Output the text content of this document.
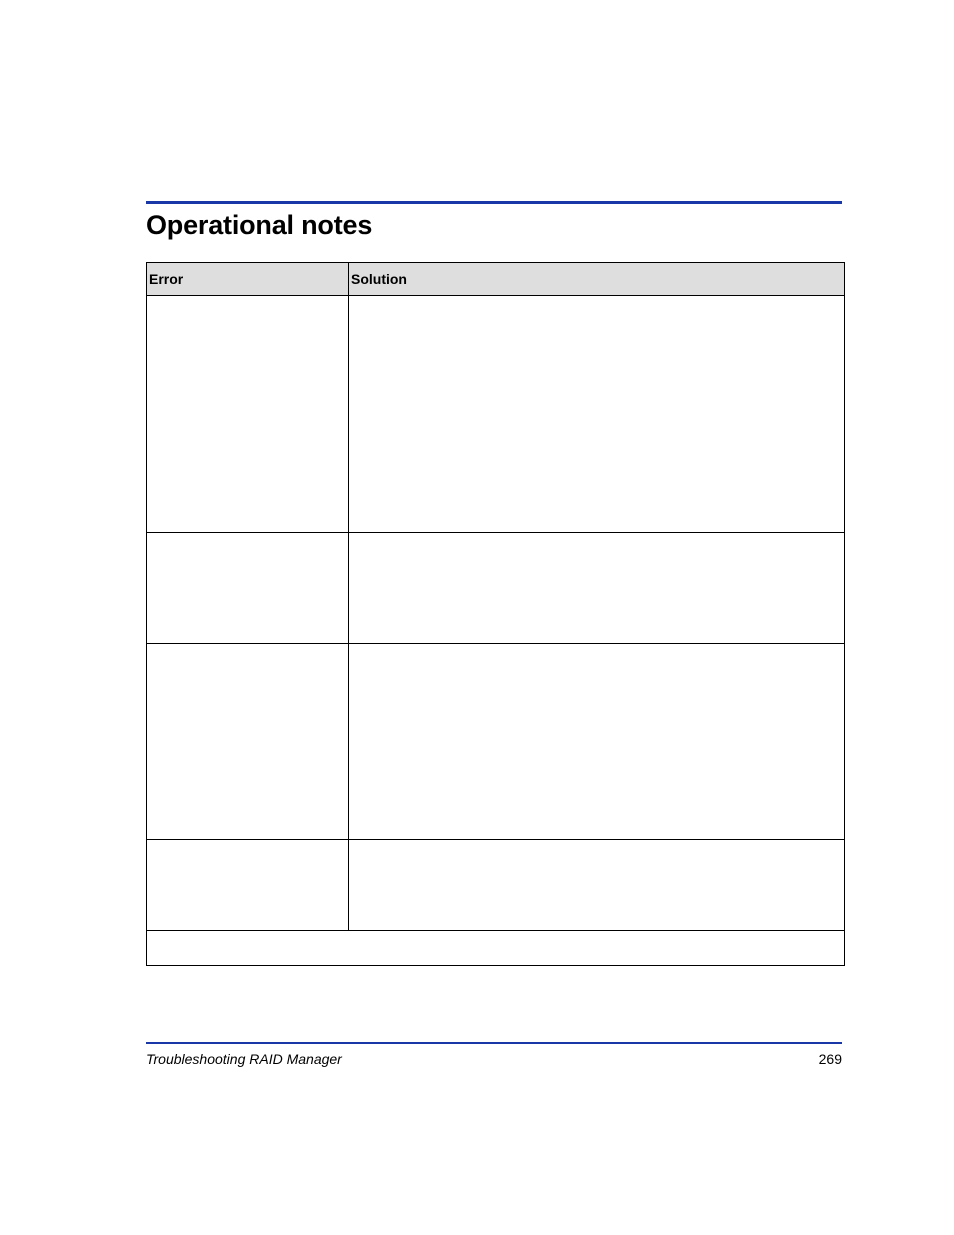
Operational notes
Error	Solution

Troubleshooting RAID Manager	269
